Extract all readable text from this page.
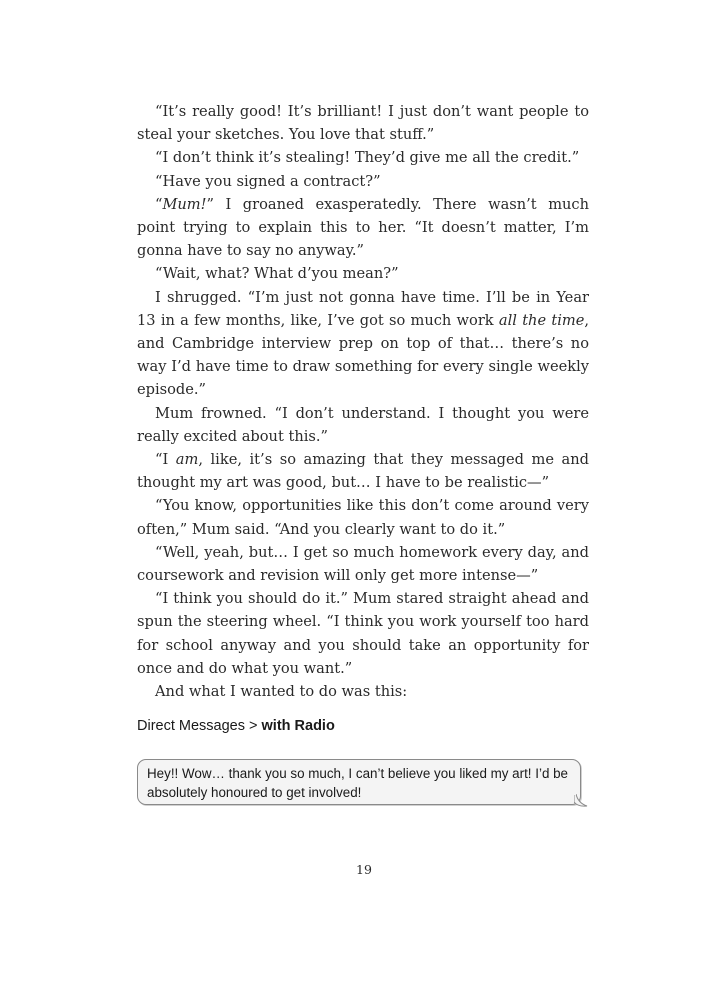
“It’s really good! It’s brilliant! I just don’t want people to steal your sketches. You love that stuff.”

“I don’t think it’s stealing! They’d give me all the credit.”

“Have you signed a contract?”

“Mum!” I groaned exasperatedly. There wasn’t much point trying to explain this to her. “It doesn’t matter, I’m gonna have to say no anyway.”

“Wait, what? What d’you mean?”

I shrugged. “I’m just not gonna have time. I’ll be in Year 13 in a few months, like, I’ve got so much work all the time, and Cambridge interview prep on top of that… there’s no way I’d have time to draw something for every single weekly episode.”

Mum frowned. “I don’t understand. I thought you were really excited about this.”

“I am, like, it’s so amazing that they messaged me and thought my art was good, but… I have to be realistic—”

“You know, opportunities like this don’t come around very often,” Mum said. “And you clearly want to do it.”

“Well, yeah, but… I get so much homework every day, and coursework and revision will only get more intense—”

“I think you should do it.” Mum stared straight ahead and spun the steering wheel. “I think you work yourself too hard for school anyway and you should take an opportunity for once and do what you want.”

And what I wanted to do was this:

Direct Messages > with Radio
Hey!! Wow… thank you so much, I can’t believe you liked my art! I’d be absolutely honoured to get involved!
19
